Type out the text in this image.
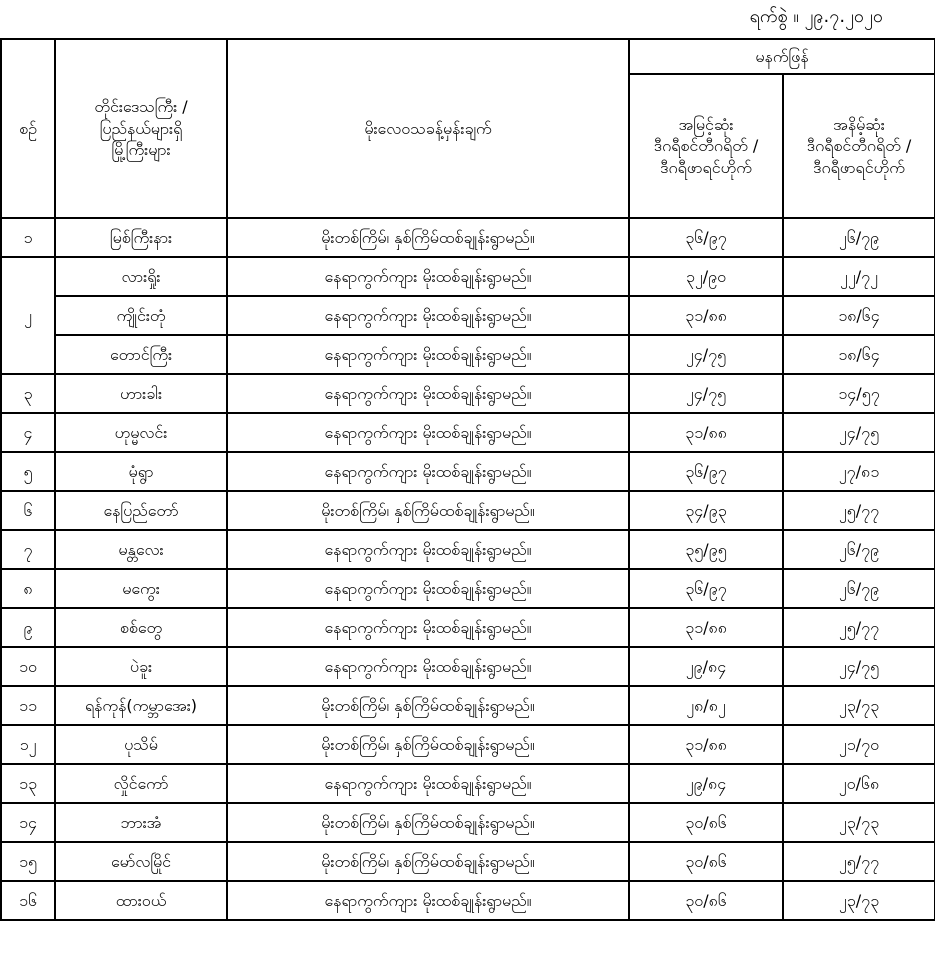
ရက်စွဲ ။ ၂၉.၇.၂၀၂၀
စဉ်	တိုင်းဒေသကြီး /
ပြည်နယ်များရှိ
မြို့ကြီးများ	မိုးလေဝသခန့်မှန်းချက်	မနက်ဖြန်	
			အမြင့်ဆုံး
ဒီဂရီစင်တီဂရိတ် /
ဒီဂရီဖာရင်ဟိုက်	အနိမ့်ဆုံး
ဒီဂရီစင်တီဂရိတ် /
ဒီဂရီဖာရင်ဟိုက်
၁	မြစ်ကြီးနား	မိုးတစ်ကြိမ်၊ နှစ်ကြိမ်ထစ်ချုန်းရွာမည်။	၃၆/၉၇	၂၆/၇၉
၂	လားရှိုး	နေရာကွက်ကျား မိုးထစ်ချုန်းရွာမည်။	၃၂/၉၀	၂၂/၇၂
	ကျိုင်းတုံ	နေရာကွက်ကျား မိုးထစ်ချုန်းရွာမည်။	၃၁/၈၈	၁၈/၆၄
	တောင်ကြီး	နေရာကွက်ကျား မိုးထစ်ချုန်းရွာမည်။	၂၄/၇၅	၁၈/၆၄
၃	ဟားခါး	နေရာကွက်ကျား မိုးထစ်ချုန်းရွာမည်။	၂၄/၇၅	၁၄/၅၇
၄	ဟုမ္မလင်း	နေရာကွက်ကျား မိုးထစ်ချုန်းရွာမည်။	၃၁/၈၈	၂၄/၇၅
၅	မုံရွာ	နေရာကွက်ကျား မိုးထစ်ချုန်းရွာမည်။	၃၆/၉၇	၂၇/၈၁
၆	နေပြည်တော်	မိုးတစ်ကြိမ်၊ နှစ်ကြိမ်ထစ်ချုန်းရွာမည်။	၃၄/၉၃	၂၅/၇၇
၇	မန္တလေး	နေရာကွက်ကျား မိုးထစ်ချုန်းရွာမည်။	၃၅/၉၅	၂၆/၇၉
၈	မကွေး	နေရာကွက်ကျား မိုးထစ်ချုန်းရွာမည်။	၃၆/၉၇	၂၆/၇၉
၉	စစ်တွေ	နေရာကွက်ကျား မိုးထစ်ချုန်းရွာမည်။	၃၁/၈၈	၂၅/၇၇
၁၀	ပဲခူး	နေရာကွက်ကျား မိုးထစ်ချုန်းရွာမည်။	၂၉/၈၄	၂၄/၇၅
၁၁	ရန်ကုန်(ကမ္ဘာအေး)	မိုးတစ်ကြိမ်၊ နှစ်ကြိမ်ထစ်ချုန်းရွာမည်။	၂၈/၈၂	၂၃/၇၃
၁၂	ပုသိမ်	မိုးတစ်ကြိမ်၊ နှစ်ကြိမ်ထစ်ချုန်းရွာမည်။	၃၁/၈၈	၂၁/၇၀
၁၃	လှိုင်ကော်	နေရာကွက်ကျား မိုးထစ်ချုန်းရွာမည်။	၂၉/၈၄	၂၀/၆၈
၁၄	ဘားအံ	မိုးတစ်ကြိမ်၊ နှစ်ကြိမ်ထစ်ချုန်းရွာမည်။	၃၀/၈၆	၂၃/၇၃
၁၅	မော်လမြိုင်	မိုးတစ်ကြိမ်၊ နှစ်ကြိမ်ထစ်ချုန်းရွာမည်။	၃၀/၈၆	၂၅/၇၇
၁၆	ထားဝယ်	နေရာကွက်ကျား မိုးထစ်ချုန်းရွာမည်။	၃၀/၈၆	၂၃/၇၃
